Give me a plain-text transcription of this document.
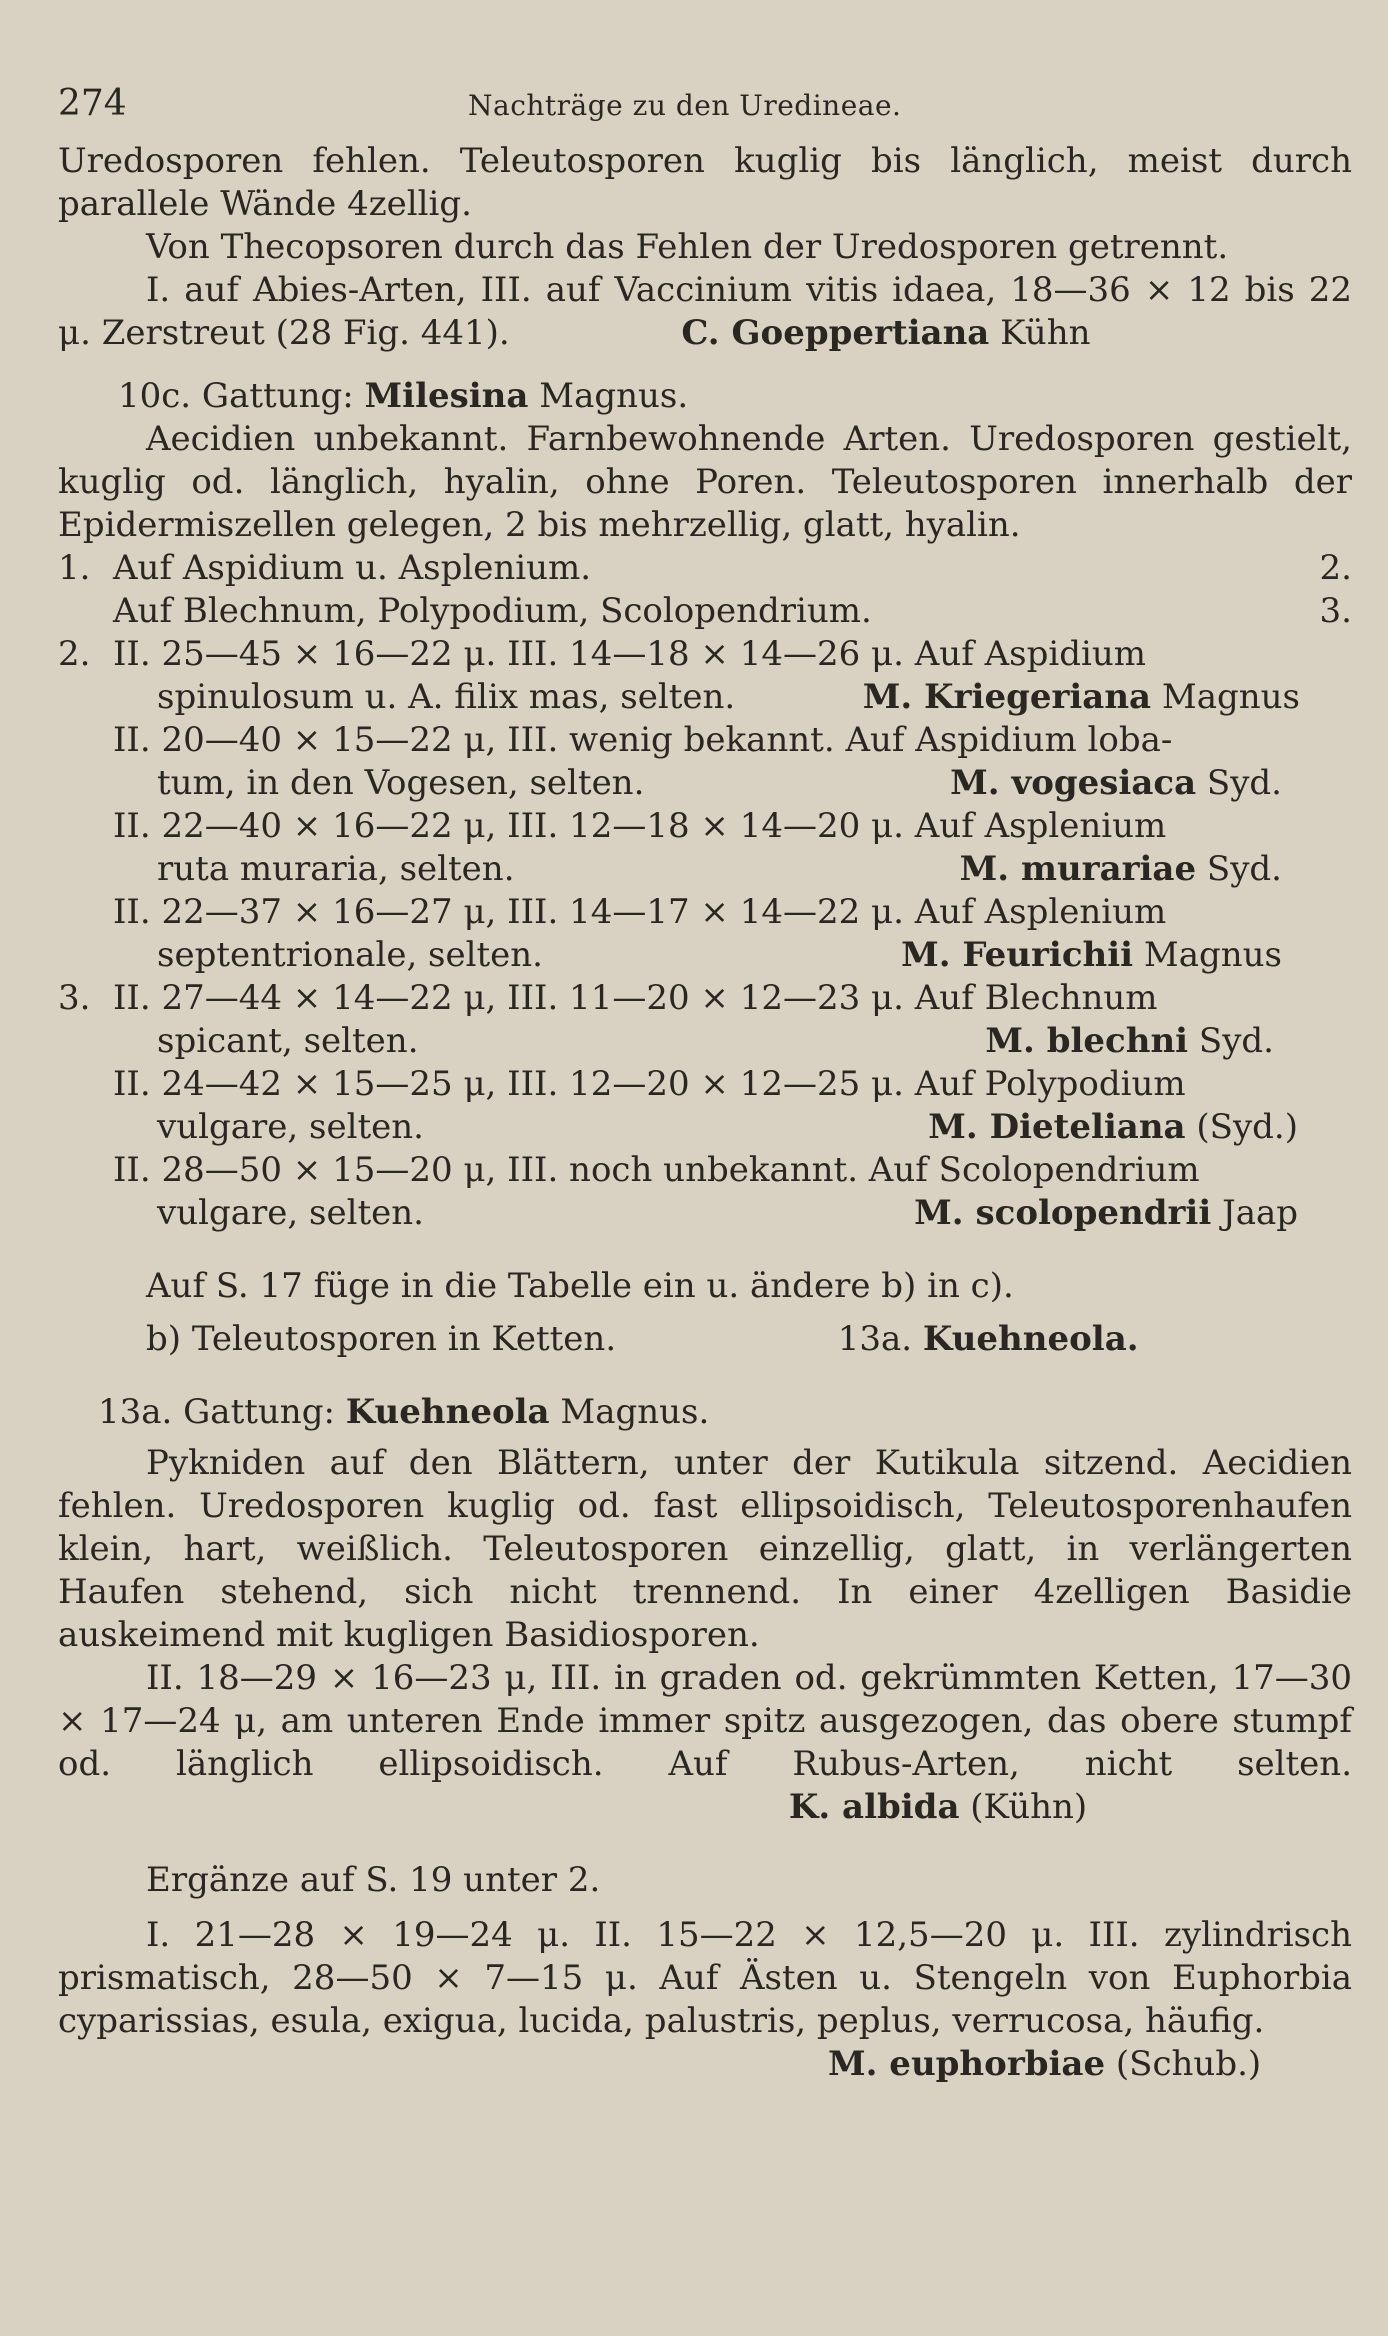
274	Nachträge zu den Uredineae.

Uredosporen fehlen. Teleutosporen kuglig bis länglich, meist durch parallele Wände 4zellig.

Von Thecopsoren durch das Fehlen der Uredosporen getrennt.

I. auf Abies-Arten, III. auf Vaccinium vitis idaea, 18—36 × 12 bis 22 μ. Zerstreut (28 Fig. 441).	C. Goeppertiana Kühn

10c. Gattung: Milesina Magnus.

Aecidien unbekannt. Farnbewohnende Arten. Uredosporen gestielt, kuglig od. länglich, hyalin, ohne Poren. Teleutosporen innerhalb der Epidermiszellen gelegen, 2 bis mehrzellig, glatt, hyalin.

1. Auf Aspidium u. Asplenium.	2.
Auf Blechnum, Polypodium, Scolopendrium.	3.
2. II. 25—45 × 16—22 μ. III. 14—18 × 14—26 μ. Auf Aspidium
spinulosum u. A. filix mas, selten.	M. Kriegeriana Magnus
II. 20—40 × 15—22 μ, III. wenig bekannt. Auf Aspidium loba-
tum, in den Vogesen, selten.	M. vogesiaca Syd.
II. 22—40 × 16—22 μ, III. 12—18 × 14—20 μ. Auf Asplenium
ruta muraria, selten.	M. murariae Syd.
II. 22—37 × 16—27 μ, III. 14—17 × 14—22 μ. Auf Asplenium
septentrionale, selten.	M. Feurichii Magnus
3. II. 27—44 × 14—22 μ, III. 11—20 × 12—23 μ. Auf Blechnum
spicant, selten.	M. blechni Syd.
II. 24—42 × 15—25 μ, III. 12—20 × 12—25 μ. Auf Polypodium
vulgare, selten.	M. Dieteliana (Syd.)
II. 28—50 × 15—20 μ, III. noch unbekannt. Auf Scolopendrium
vulgare, selten.	M. scolopendrii Jaap

Auf S. 17 füge in die Tabelle ein u. ändere b) in c).

b) Teleutosporen in Ketten.	13a. Kuehneola.

13a. Gattung: Kuehneola Magnus.

Pykniden auf den Blättern, unter der Kutikula sitzend. Aecidien fehlen. Uredosporen kuglig od. fast ellipsoidisch, Teleutosporenhaufen klein, hart, weißlich. Teleutosporen einzellig, glatt, in verlängerten Haufen stehend, sich nicht trennend. In einer 4zelligen Basidie auskeimend mit kugligen Basidiosporen.

II. 18—29 × 16—23 μ, III. in graden od. gekrümmten Ketten, 17—30 × 17—24 μ, am unteren Ende immer spitz ausgezogen, das obere stumpf od. länglich ellipsoidisch. Auf Rubus-Arten, nicht selten.  K. albida (Kühn)

Ergänze auf S. 19 unter 2.

I. 21—28 × 19—24 μ. II. 15—22 × 12,5—20 μ. III. zylindrisch prismatisch, 28—50 × 7—15 μ. Auf Ästen u. Stengeln von Euphorbia cyparissias, esula, exigua, lucida, palustris, peplus, verrucosa, häufig.

M. euphorbiae (Schub.)
